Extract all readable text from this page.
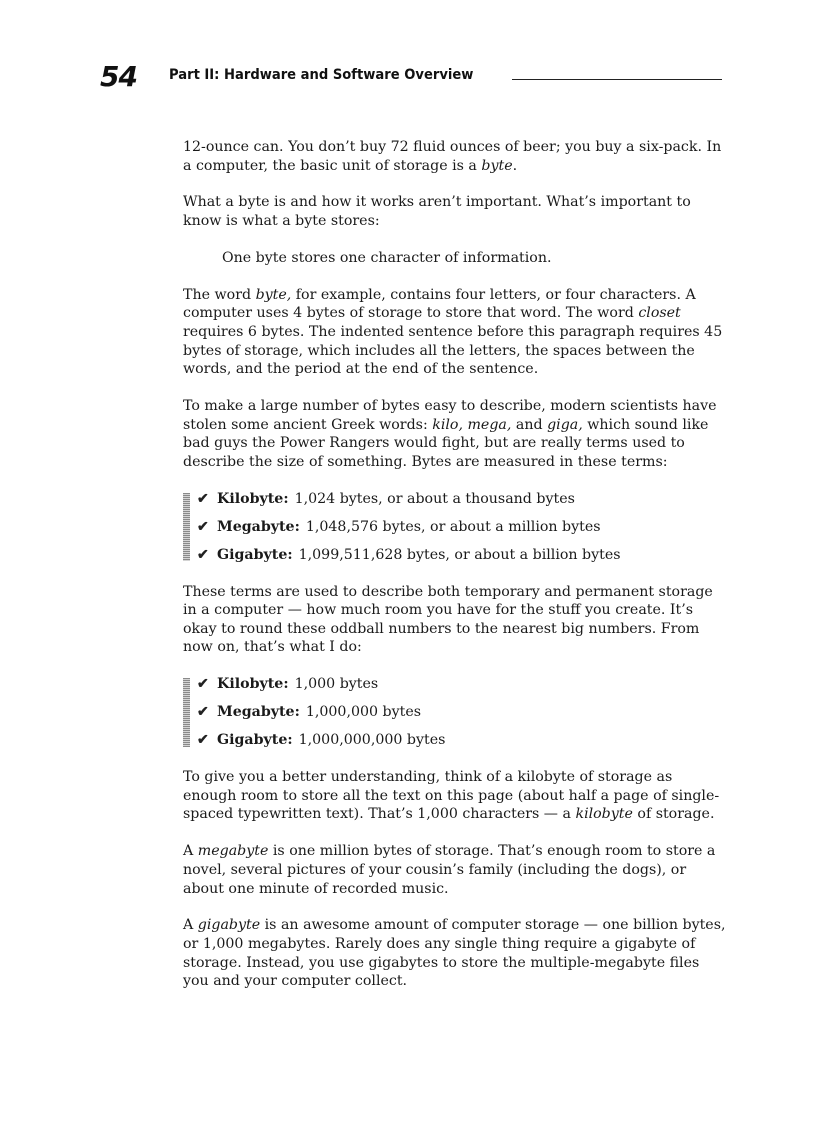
54 Part II: Hardware and Software Overview

12-ounce can. You don’t buy 72 fluid ounces of beer; you buy a six-pack. In a computer, the basic unit of storage is a byte.

What a byte is and how it works aren’t important. What’s important to know is what a byte stores:

One byte stores one character of information.

The word byte, for example, contains four letters, or four characters. A computer uses 4 bytes of storage to store that word. The word closet requires 6 bytes. The indented sentence before this paragraph requires 45 bytes of storage, which includes all the letters, the spaces between the words, and the period at the end of the sentence.

To make a large number of bytes easy to describe, modern scientists have stolen some ancient Greek words: kilo, mega, and giga, which sound like bad guys the Power Rangers would fight, but are really terms used to describe the size of something. Bytes are measured in these terms:

✔ Kilobyte: 1,024 bytes, or about a thousand bytes
✔ Megabyte: 1,048,576 bytes, or about a million bytes
✔ Gigabyte: 1,099,511,628 bytes, or about a billion bytes

These terms are used to describe both temporary and permanent storage in a computer — how much room you have for the stuff you create. It’s okay to round these oddball numbers to the nearest big numbers. From now on, that’s what I do:

✔ Kilobyte: 1,000 bytes
✔ Megabyte: 1,000,000 bytes
✔ Gigabyte: 1,000,000,000 bytes

To give you a better understanding, think of a kilobyte of storage as enough room to store all the text on this page (about half a page of single-spaced typewritten text). That’s 1,000 characters — a kilobyte of storage.

A megabyte is one million bytes of storage. That’s enough room to store a novel, several pictures of your cousin’s family (including the dogs), or about one minute of recorded music.

A gigabyte is an awesome amount of computer storage — one billion bytes, or 1,000 megabytes. Rarely does any single thing require a gigabyte of storage. Instead, you use gigabytes to store the multiple-megabyte files you and your computer collect.
